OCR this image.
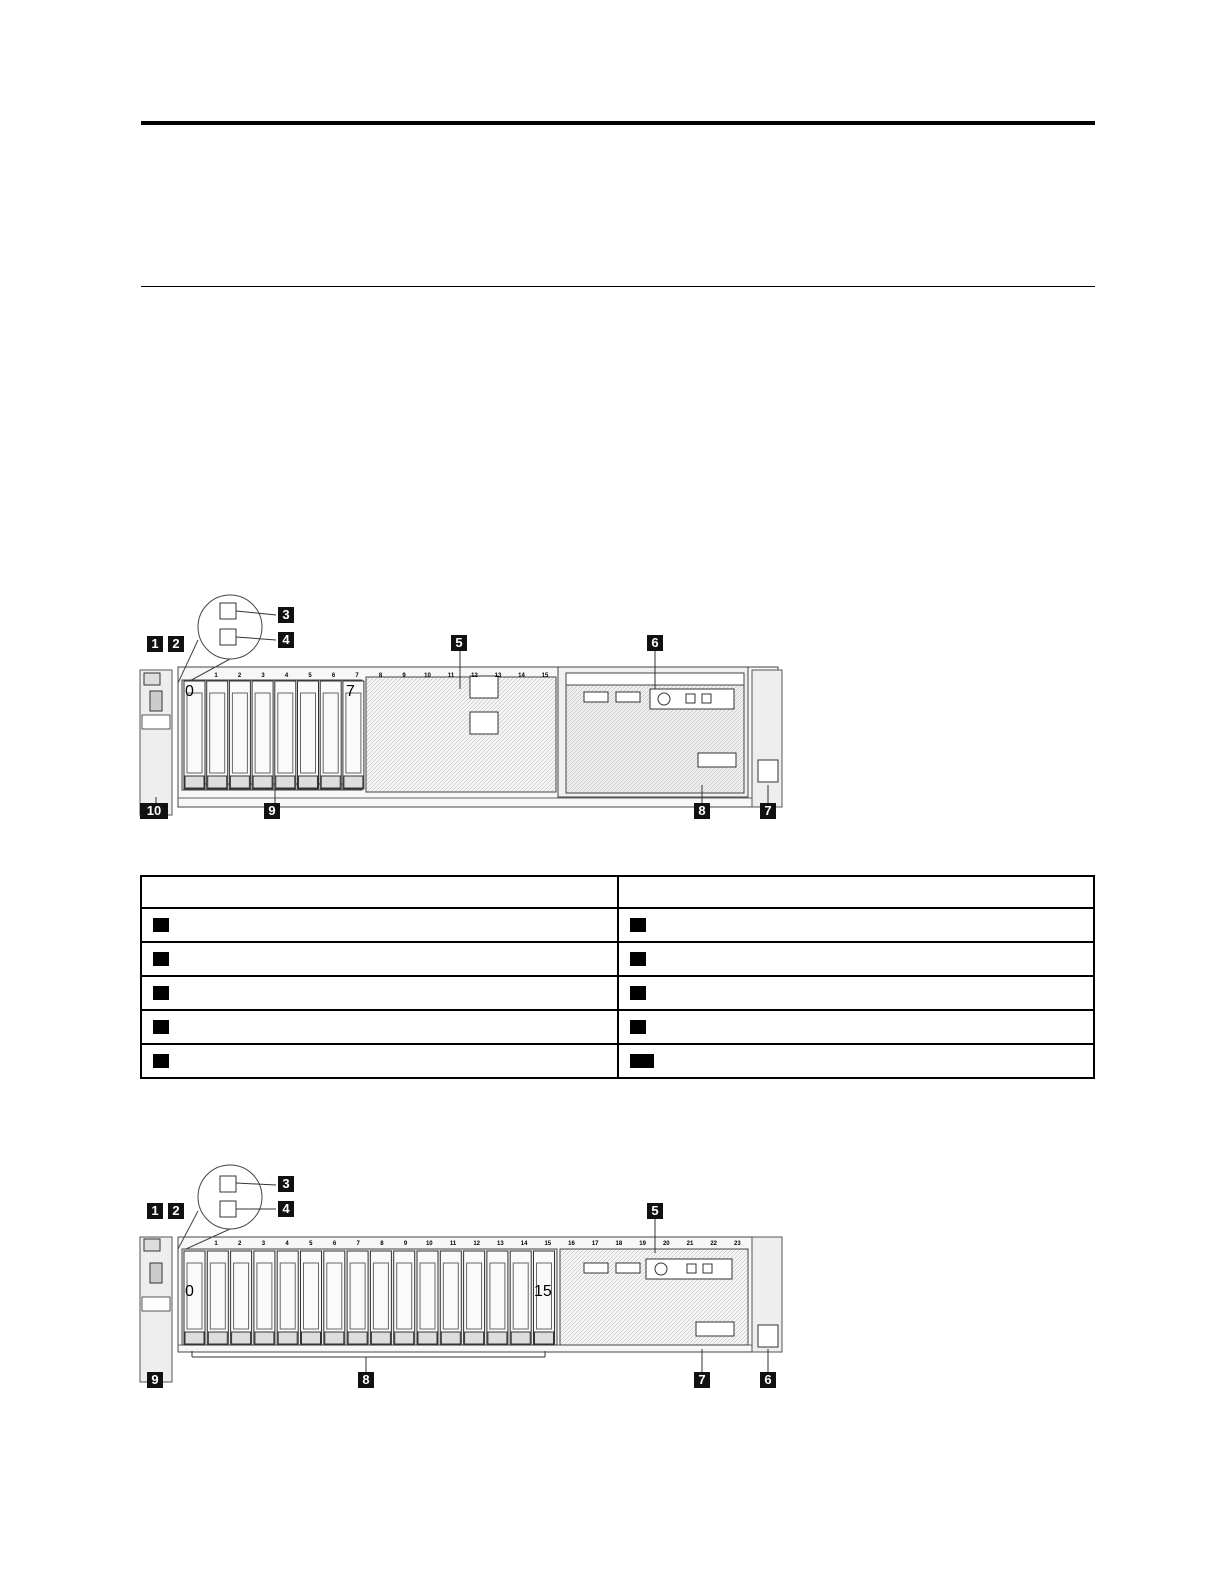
1	2	3	4	5	6	7	8	9	10	11	12	13	14	15
0	7
1	2
3
4	5	6
7
8
9
10

1	2	3	4	5	6	7	8	9	10	11	12	13	14	15	16	17	18	19	20	21	22	23
0	15
1	2
3
4	5
6
7
8
9
